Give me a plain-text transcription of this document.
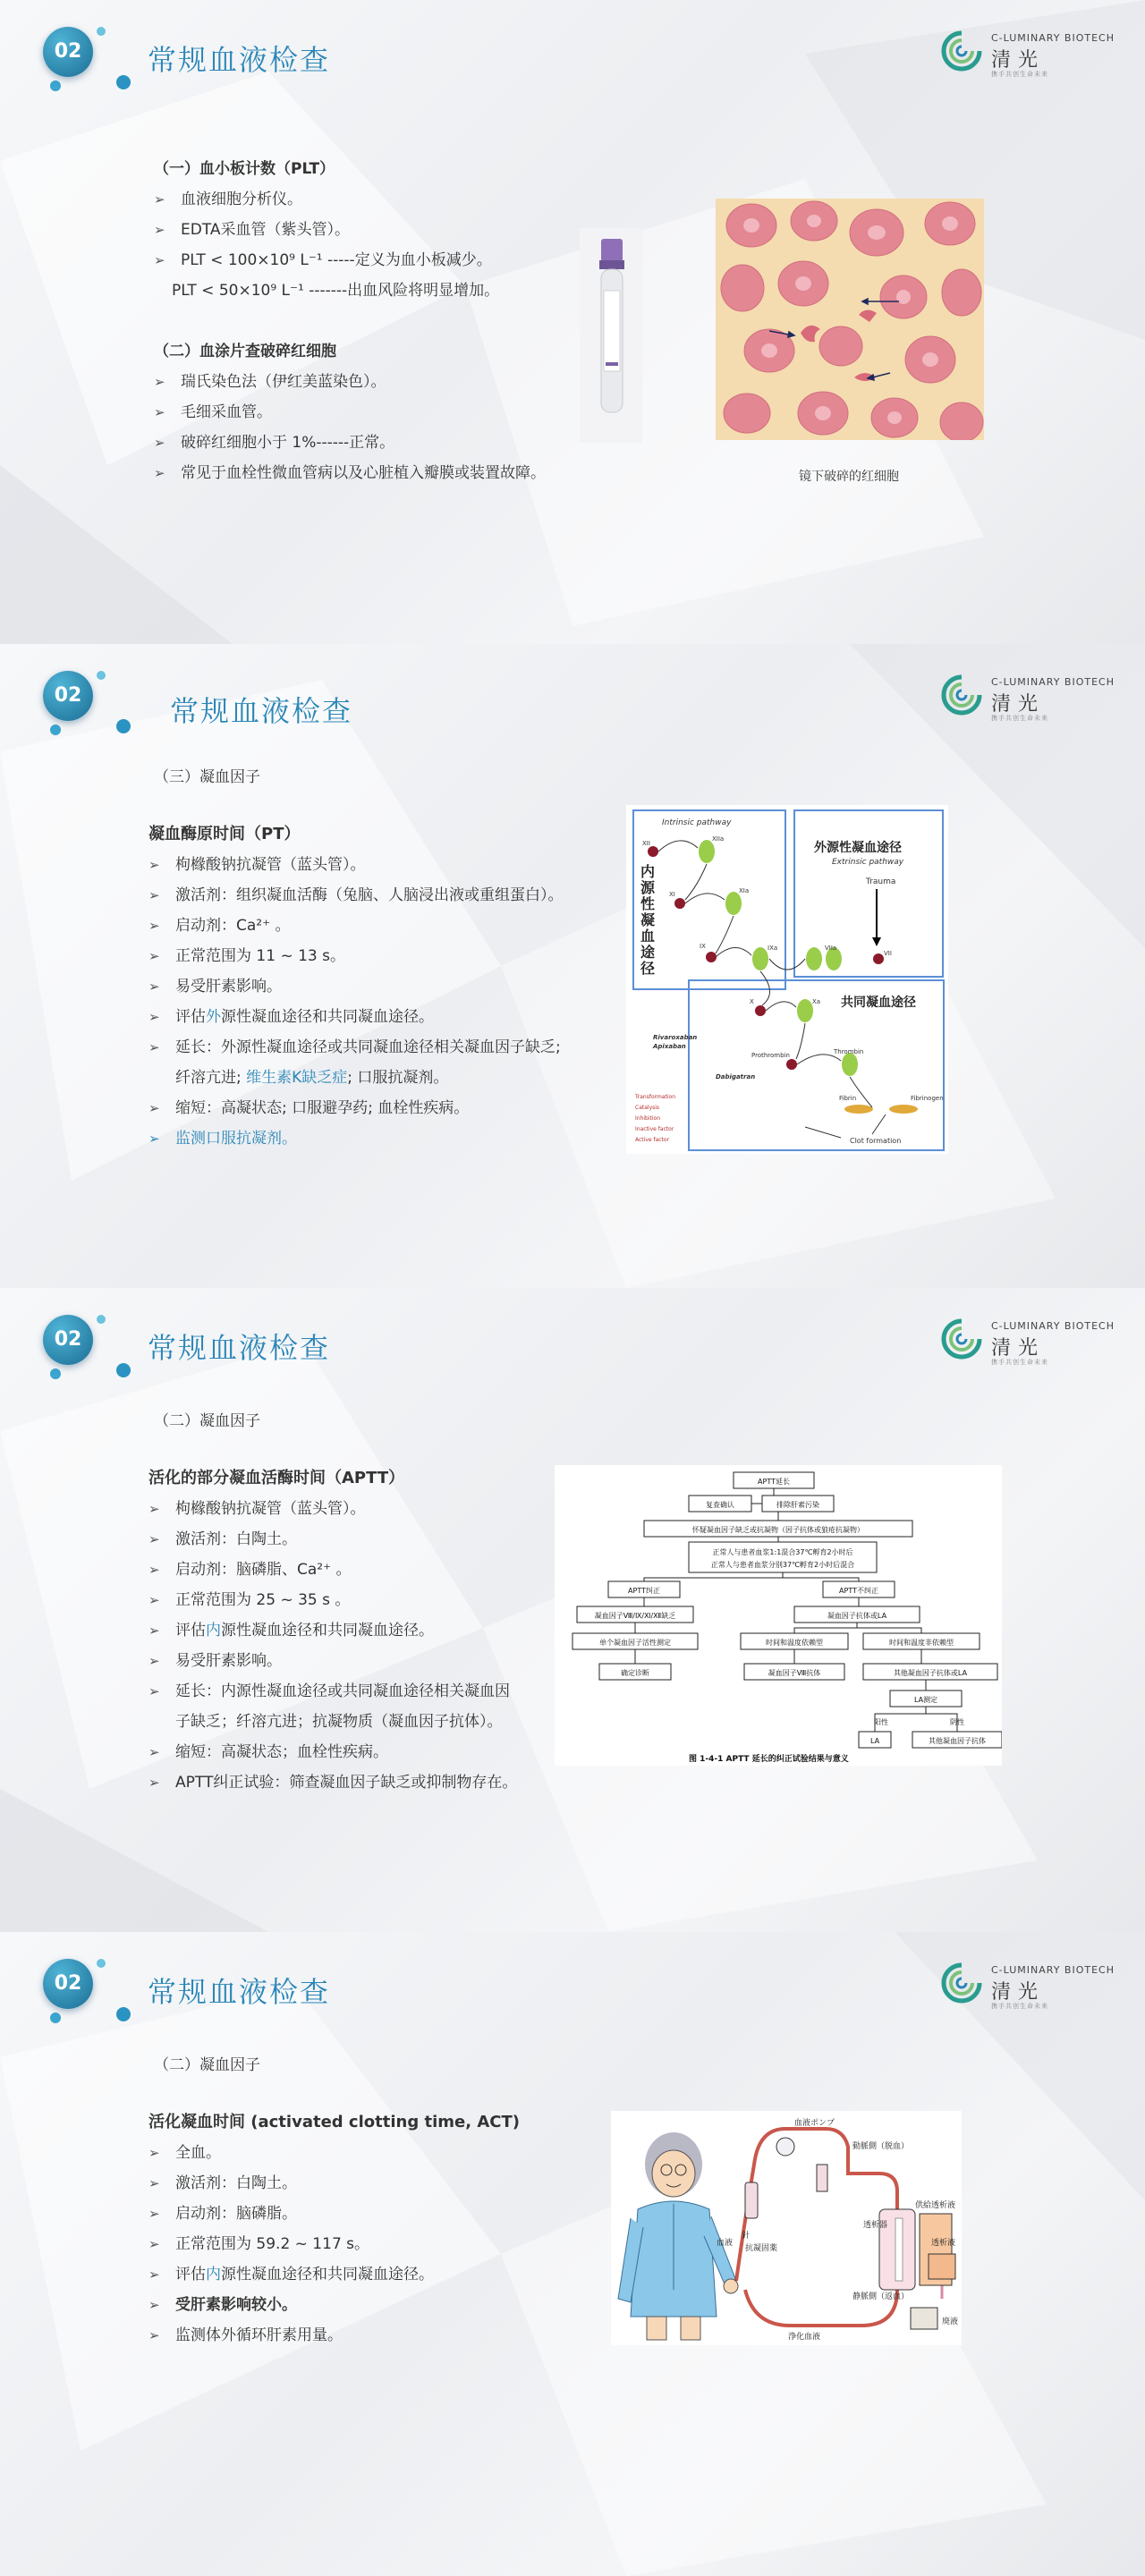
02	常规血液检查
C-LUMINARY BIOTECH
清光
携手共创生命未来
（一）血小板计数（PLT）
➢ 血液细胞分析仪。
➢ EDTA采血管（紫头管）。
➢ PLT < 100×10⁹ L⁻¹ -----定义为血小板减少。
PLT < 50×10⁹ L⁻¹ -------出血风险将明显增加。
（二）血涂片查破碎红细胞
➢ 瑞氏染色法（伊红美蓝染色）。
➢ 毛细采血管。
➢ 破碎红细胞小于 1%------正常。
➢ 常见于血栓性微血管病以及心脏植入瓣膜或装置故障。	镜下破碎的红细胞
02	常规血液检查
C-LUMINARY BIOTECH
清光
携手共创生命未来
（三）凝血因子
凝血酶原时间（PT）
➢ 枸橼酸钠抗凝管（蓝头管）。
➢ 激活剂：组织凝血活酶（兔脑、人脑浸出液或重组蛋白）。
➢ 启动剂：Ca²⁺ 。
➢ 正常范围为 11 ~ 13 s。
➢ 易受肝素影响。
➢ 评估外源性凝血途径和共同凝血途径。
➢ 延长：外源性凝血途径或共同凝血途径相关凝血因子缺乏;
纤溶亢进; 维生素K缺乏症; 口服抗凝剂。
➢ 缩短：高凝状态; 口服避孕药; 血栓性疾病。
➢ 监测口服抗凝剂。
Intrinsic pathway
内源性凝血途径
外源性凝血途径
Extrinsic pathway
Trauma
共同凝血途径
XII
XIIa
XI	XIa
IX	IXa	VIIa
VII
X	Xa
Prothrombin	Thrombin
Fibrin	Fibrinogen
Rivaroxaban
Apixaban
Dabigatran
Transformation
Catalysis
Inhibition
Inactive factor
Active factor	Clot formation
02	常规血液检查
C-LUMINARY BIOTECH
清光
携手共创生命未来
（二）凝血因子
活化的部分凝血活酶时间（APTT）
➢ 枸橼酸钠抗凝管（蓝头管）。
➢ 激活剂：白陶土。
➢ 启动剂：脑磷脂、Ca²⁺ 。
➢ 正常范围为 25 ~ 35 s 。
➢ 评估内源性凝血途径和共同凝血途径。
➢ 易受肝素影响。
➢ 延长：内源性凝血途径或共同凝血途径相关凝血因
子缺乏；纤溶亢进；抗凝物质（凝血因子抗体）。
➢ 缩短：高凝状态；血栓性疾病。
➢ APTT纠正试验：筛查凝血因子缺乏或抑制物存在。
APTT延长
复查确认	排除肝素污染
怀疑凝血因子缺乏或抗凝物（因子抗体或狼疮抗凝物）
正常人与患者血浆1:1混合37℃孵育2小时后
正常人与患者血浆分别37℃孵育2小时后混合
APTT纠正	APTT不纠正
凝血因子Ⅷ/Ⅸ/Ⅺ/Ⅻ缺乏	凝血因子抗体或LA
单个凝血因子活性测定	时间和温度依赖型	时间和温度非依赖型
确定诊断	凝血因子Ⅷ抗体	其他凝血因子抗体或LA
LA测定
阳性	阴性
LA	其他凝血因子抗体
图 1-4-1 APTT 延长的纠正试验结果与意义
02	常规血液检查
C-LUMINARY BIOTECH
清光
携手共创生命未来
（二）凝血因子
活化凝血时间 (activated clotting time, ACT)
➢ 全血。
➢ 激活剂：白陶土。
➢ 启动剂：脑磷脂。
➢ 正常范围为 59.2 ~ 117 s。
➢ 评估内源性凝血途径和共同凝血途径。
➢ 受肝素影响较小。
➢ 监测体外循环肝素用量。
血液ポンプ
動脈側（脱血）
静脈側（返血）
針
抗凝固薬
血液
透析器
供給透析液
透析液
廃液
浄化血液
